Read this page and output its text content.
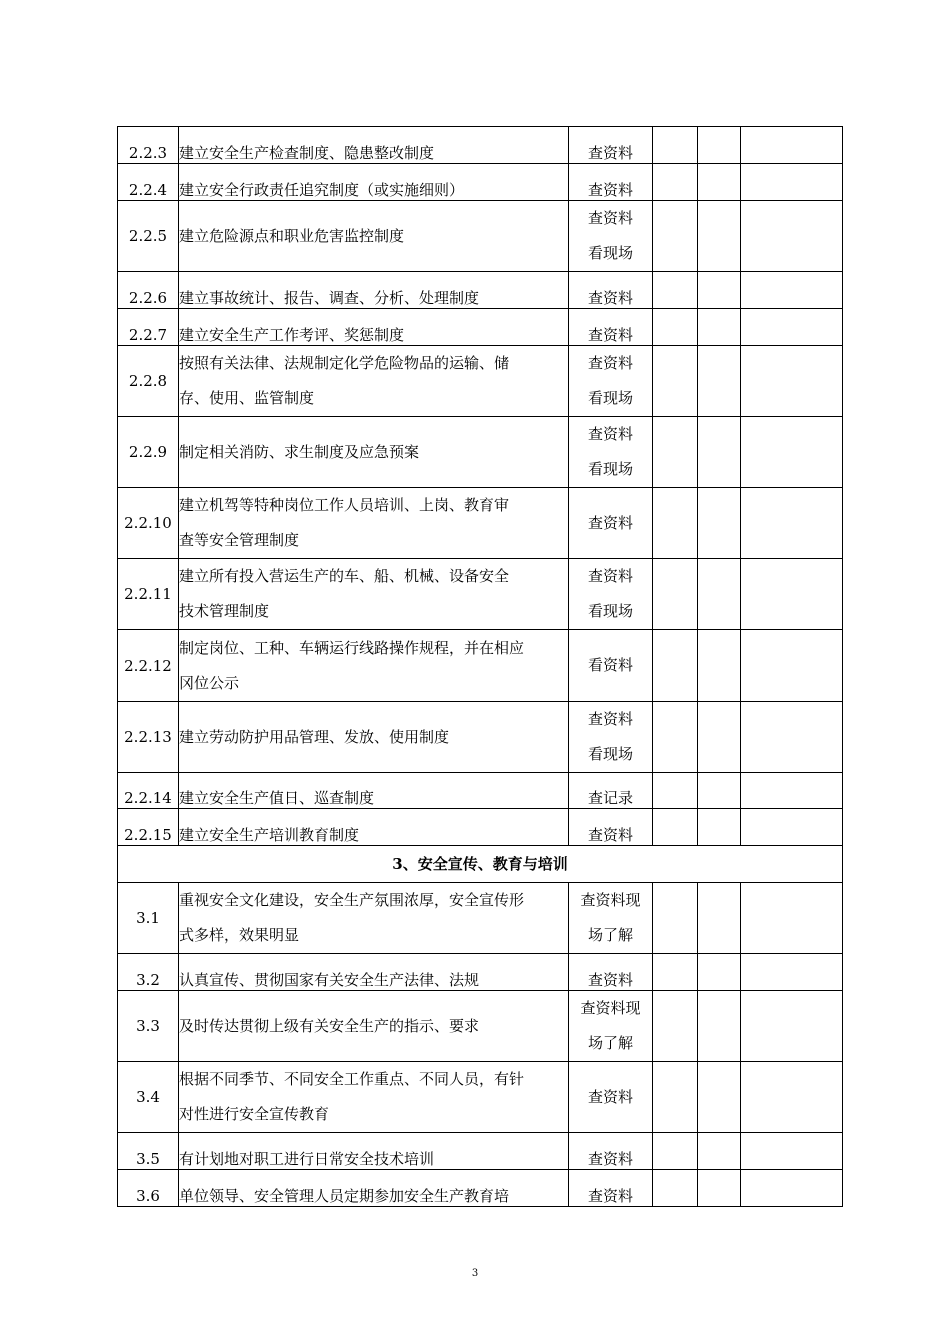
2.2.3	建立安全生产检查制度、隐患整改制度	查资料			

2.2.4	建立安全行政责任追究制度（或实施细则）	查资料			

2.2.5	建立危险源点和职业危害监控制度	查资料
看现场			

2.2.6	建立事故统计、报告、调查、分析、处理制度	查资料			

2.2.7	建立安全生产工作考评、奖惩制度	查资料			

2.2.8	按照有关法律、法规制定化学危险物品的运输、储
存、使用、监管制度	查资料
看现场			

2.2.9	制定相关消防、求生制度及应急预案	查资料
看现场			

2.2.10	建立机驾等特种岗位工作人员培训、上岗、教育审
查等安全管理制度	查资料			

2.2.11	建立所有投入营运生产的车、船、机械、设备安全
技术管理制度	查资料
看现场			

2.2.12	制定岗位、工种、车辆运行线路操作规程，并在相应
冈位公示	看资料			

2.2.13	建立劳动防护用品管理、发放、使用制度	查资料
看现场			

2.2.14	建立安全生产值日、巡查制度	查记录			

2.2.15	建立安全生产培训教育制度	查资料			

3、安全宣传、教育与培训					

3.1	重视安全文化建设，安全生产氛围浓厚，安全宣传形
式多样，效果明显	查资料现
场了解			

3.2	认真宣传、贯彻国家有关安全生产法律、法规	查资料			

3.3	及时传达贯彻上级有关安全生产的指示、要求	查资料现
场了解			

3.4	根据不同季节、不同安全工作重点、不同人员，有针
对性进行安全宣传教育	查资料			

3.5	有计划地对职工进行日常安全技术培训	查资料			

3.6	单位领导、安全管理人员定期参加安全生产教育培	查资料			

3
